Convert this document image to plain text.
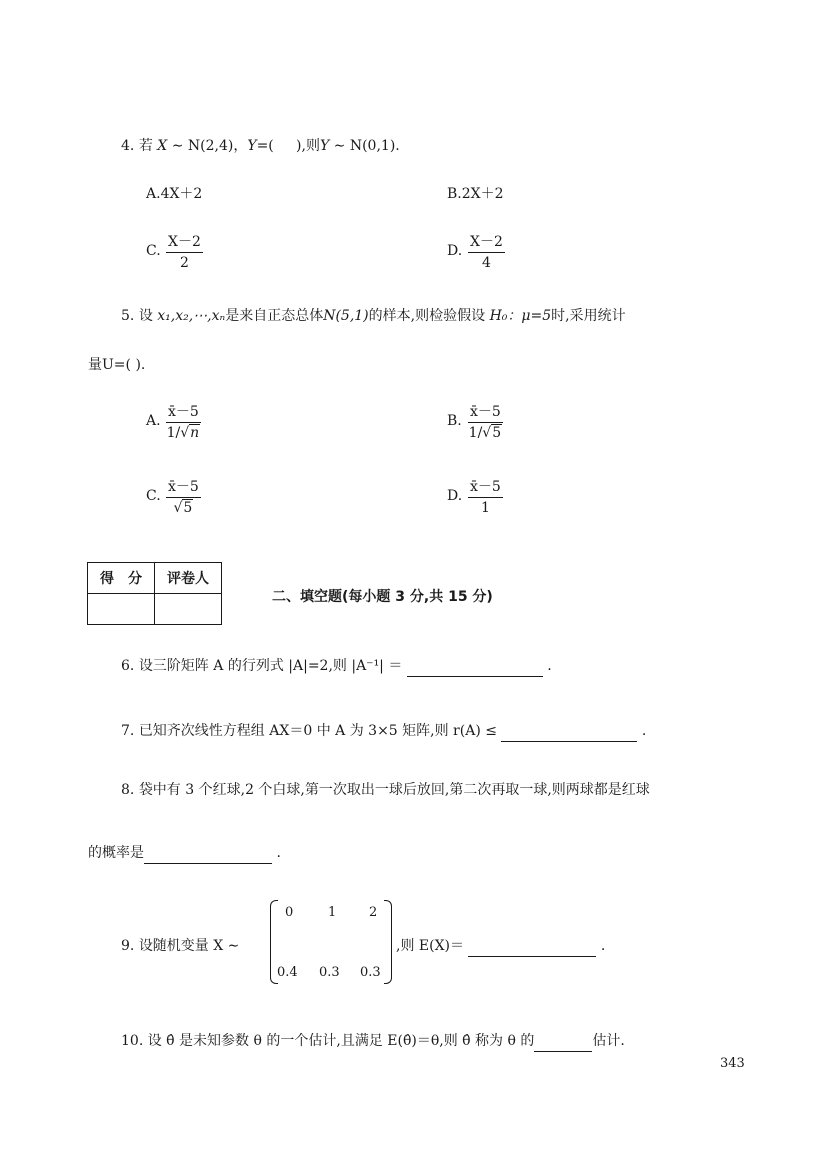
4. 若 X ∼ N(2,4)，Y=( ),则Y ∼ N(0,1).
A.4X＋2	B.2X＋2
C. $\frac{X-2}{2}$	D. $\frac{X-2}{4}$
5. 设 x₁,x₂,⋯,xₙ是来自正态总体N(5,1)的样本,则检验假设 H₀：μ=5时,采用统计
量U=( ).
A. $\frac{x̄-5}{1/√n}$	B. $\frac{x̄-5}{1/√5}$
C. $\frac{x̄-5}{√5}$	D. $\frac{x̄-5}{1}$
得　分	评卷人

二、填空题(每小题 3 分,共 15 分)
6. 设三阶矩阵 A 的行列式 |A|=2,则 |A⁻¹| ＝	.
7. 已知齐次线性方程组 AX＝0 中 A 为 3×5 矩阵,则 r(A) ≤	.
8. 袋中有 3 个红球,2 个白球,第一次取出一球后放回,第二次再取一球,则两球都是红球
的概率是	.
9. 设随机变量 X ∼
0	1	2
0.4 0.3 0.3
,则 E(X)＝	.
10. 设 θ̂ 是未知参数 θ 的一个估计,且满足 E(θ̂)＝θ,则 θ̂ 称为 θ 的	估计.
343
